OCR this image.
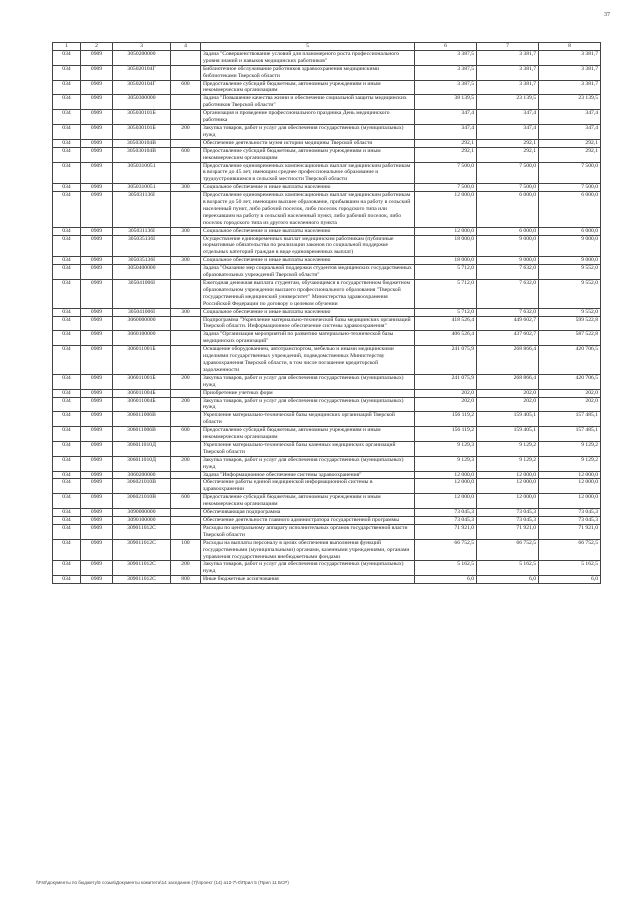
37
1	2	3	4	5	6	7	8
034	0909	3050200000		Задача "Совершенствование условий для планомерного роста профессионального уровня знаний и навыков медицинских работников"	3 387,5	3 381,7	3 381,7
034	0909	305020104Г		Библиотечное обслуживание работников здравоохранения медицинскими библиотеками Тверской области	3 387,5	3 381,7	3 381,7
034	0909	305020104Г	600	Предоставление субсидий бюджетным, автономным учреждениям и иным некоммерческим организациям	3 387,5	3 381,7	3 381,7
034	0909	3050300000		Задача "Повышение качества жизни и обеспечение социальной защиты медицинских работников Тверской области"	38 139,5	23 139,5	23 139,5
034	0909	305030101Б		Организация и проведение профессионального праздника День медицинского работника	347,4	347,4	347,4
034	0909	305030101Б	200	Закупка товаров, работ и услуг для обеспечения государственных (муниципальных) нужд	347,4	347,4	347,4
034	0909	305030104В		Обеспечение деятельности музея истории медицины Тверской области	292,1	292,1	292,1
034	0909	305030104В	600	Предоставление субсидий бюджетным, автономным учреждениям и иным некоммерческим организациям	292,1	292,1	292,1
034	0909	3050310051		Предоставление единовременных компенсационных выплат медицинским работникам в возрасте до 45 лет, имеющим среднее профессиональное образование и трудоустроившимся в сельской местности Тверской области	7 500,0	7 500,0	7 500,0
034	0909	3050310051	300	Социальное обеспечение и иные выплаты населению	7 500,0	7 500,0	7 500,0
034	0909	305031136I		Предоставление единовременных компенсационных выплат медицинским работникам в возрасте до 50 лет, имеющим высшее образование, прибывшим на работу в сельский населенный пункт, либо рабочий поселок, либо поселок городского типа или переехавшим на работу в сельский населенный пункт, либо рабочий поселок, либо поселок городского типа из другого населенного пункта	12 000,0	6 000,0	6 000,0
034	0909	305031136I	300	Социальное обеспечение и иные выплаты населению	12 000,0	6 000,0	6 000,0
034	0909	305035136I		Осуществление единовременных выплат медицинским работникам (публичные нормативные обязательства по реализации законов по социальной поддержке отдельных категорий граждан в виде единовременных выплат)	18 000,0	9 000,0	9 000,0
034	0909	305035136I	300	Социальное обеспечение и иные выплаты населению	18 000,0	9 000,0	9 000,0
034	0909	3050400000		Задача "Оказание мер социальной поддержки студентов медицинских государственных образовательных учреждений Тверской области"	5 712,0	7 632,0	9 552,0
034	0909	305041006I		Ежегодная денежная выплата студентам, обучающимся в государственном бюджетном образовательном учреждении высшего профессионального образования "Тверской государственный медицинский университет" Министерства здравоохранения Российской Федерации по договору о целевом обучении	5 712,0	7 632,0	9 552,0
034	0909	305041006I	300	Социальное обеспечение и иные выплаты населению	5 712,0	7 632,0	9 552,0
034	0909	3060000000		Подпрограмма "Укрепление материально-технической базы медицинских организаций Тверской области. Информационное обеспечение системы здравоохранения"	418 526,4	449 602,7	599 522,8
034	0909	3060100000		Задача "Организация мероприятий по развитию материально-технической базы медицинских организаций"	406 526,4	437 602,7	587 522,8
034	0909	306011001Б		Оснащение оборудованием, автотранспортом, мебелью и иными медицинскими изделиями государственных учреждений, подведомственных Министерству здравоохранения Тверской области, в том числе погашение кредиторской задолженности	241 075,9	268 866,4	420 706,5
034	0909	306011001Б	200	Закупка товаров, работ и услуг для обеспечения государственных (муниципальных) нужд	241 075,9	268 866,4	420 706,5
034	0909	306011004Б		Приобретение учетных форм	202,0	202,0	202,0
034	0909	306011004Б	200	Закупка товаров, работ и услуг для обеспечения государственных (муниципальных) нужд	202,0	202,0	202,0
034	0909	306011006В		Укрепление материально-технической базы медицинских организаций Тверской области	156 119,2	159 405,1	157 485,1
034	0909	306011006В	600	Предоставление субсидий бюджетным, автономным учреждениям и иным некоммерческим организациям	156 119,2	159 405,1	157 485,1
034	0909	306011010Д		Укрепление материально-технической базы казенных медицинских организаций Тверской области	9 129,3	9 129,2	9 129,2
034	0909	306011010Д	200	Закупка товаров, работ и услуг для обеспечения государственных (муниципальных) нужд	9 129,3	9 129,2	9 129,2
034	0909	3060200000		Задача "Информационное обеспечение системы здравоохранения"	12 000,0	12 000,0	12 000,0
034	0909	306021010В		Обеспечение работы единой медицинской информационной системы в здравоохранении	12 000,0	12 000,0	12 000,0
034	0909	306021010В	600	Предоставление субсидий бюджетным, автономным учреждениям и иным некоммерческим организациям	12 000,0	12 000,0	12 000,0
034	0909	3090000000		Обеспечивающая подпрограмма	73 045,3	73 045,3	73 045,3
034	0909	3090100000		Обеспечение деятельности главного администратора государственной программы	73 045,3	73 045,3	73 045,3
034	0909	309011012С		Расходы по центральному аппарату исполнительных органов государственной власти Тверской области	71 921,0	71 921,0	71 921,0
034	0909	309011012С	100	Расходы на выплаты персоналу в целях обеспечения выполнения функций государственными (муниципальными) органами, казенными учреждениями, органами управления государственными внебюджетными фондами	66 752,5	66 752,5	66 752,5
034	0909	309011012С	200	Закупка товаров, работ и услуг для обеспечения государственных (муниципальных) нужд	5 162,5	5 162,5	5 162,5
034	0909	309011012С	800	Иные бюджетные ассигнования	6,0	6,0	6,0
\\Fs0\документы по бюджету\6 созыв\Документы комитета\14 заседание (7)\проект (14) а12-7\-0\Прил 5 (Прил 11 БСР)
